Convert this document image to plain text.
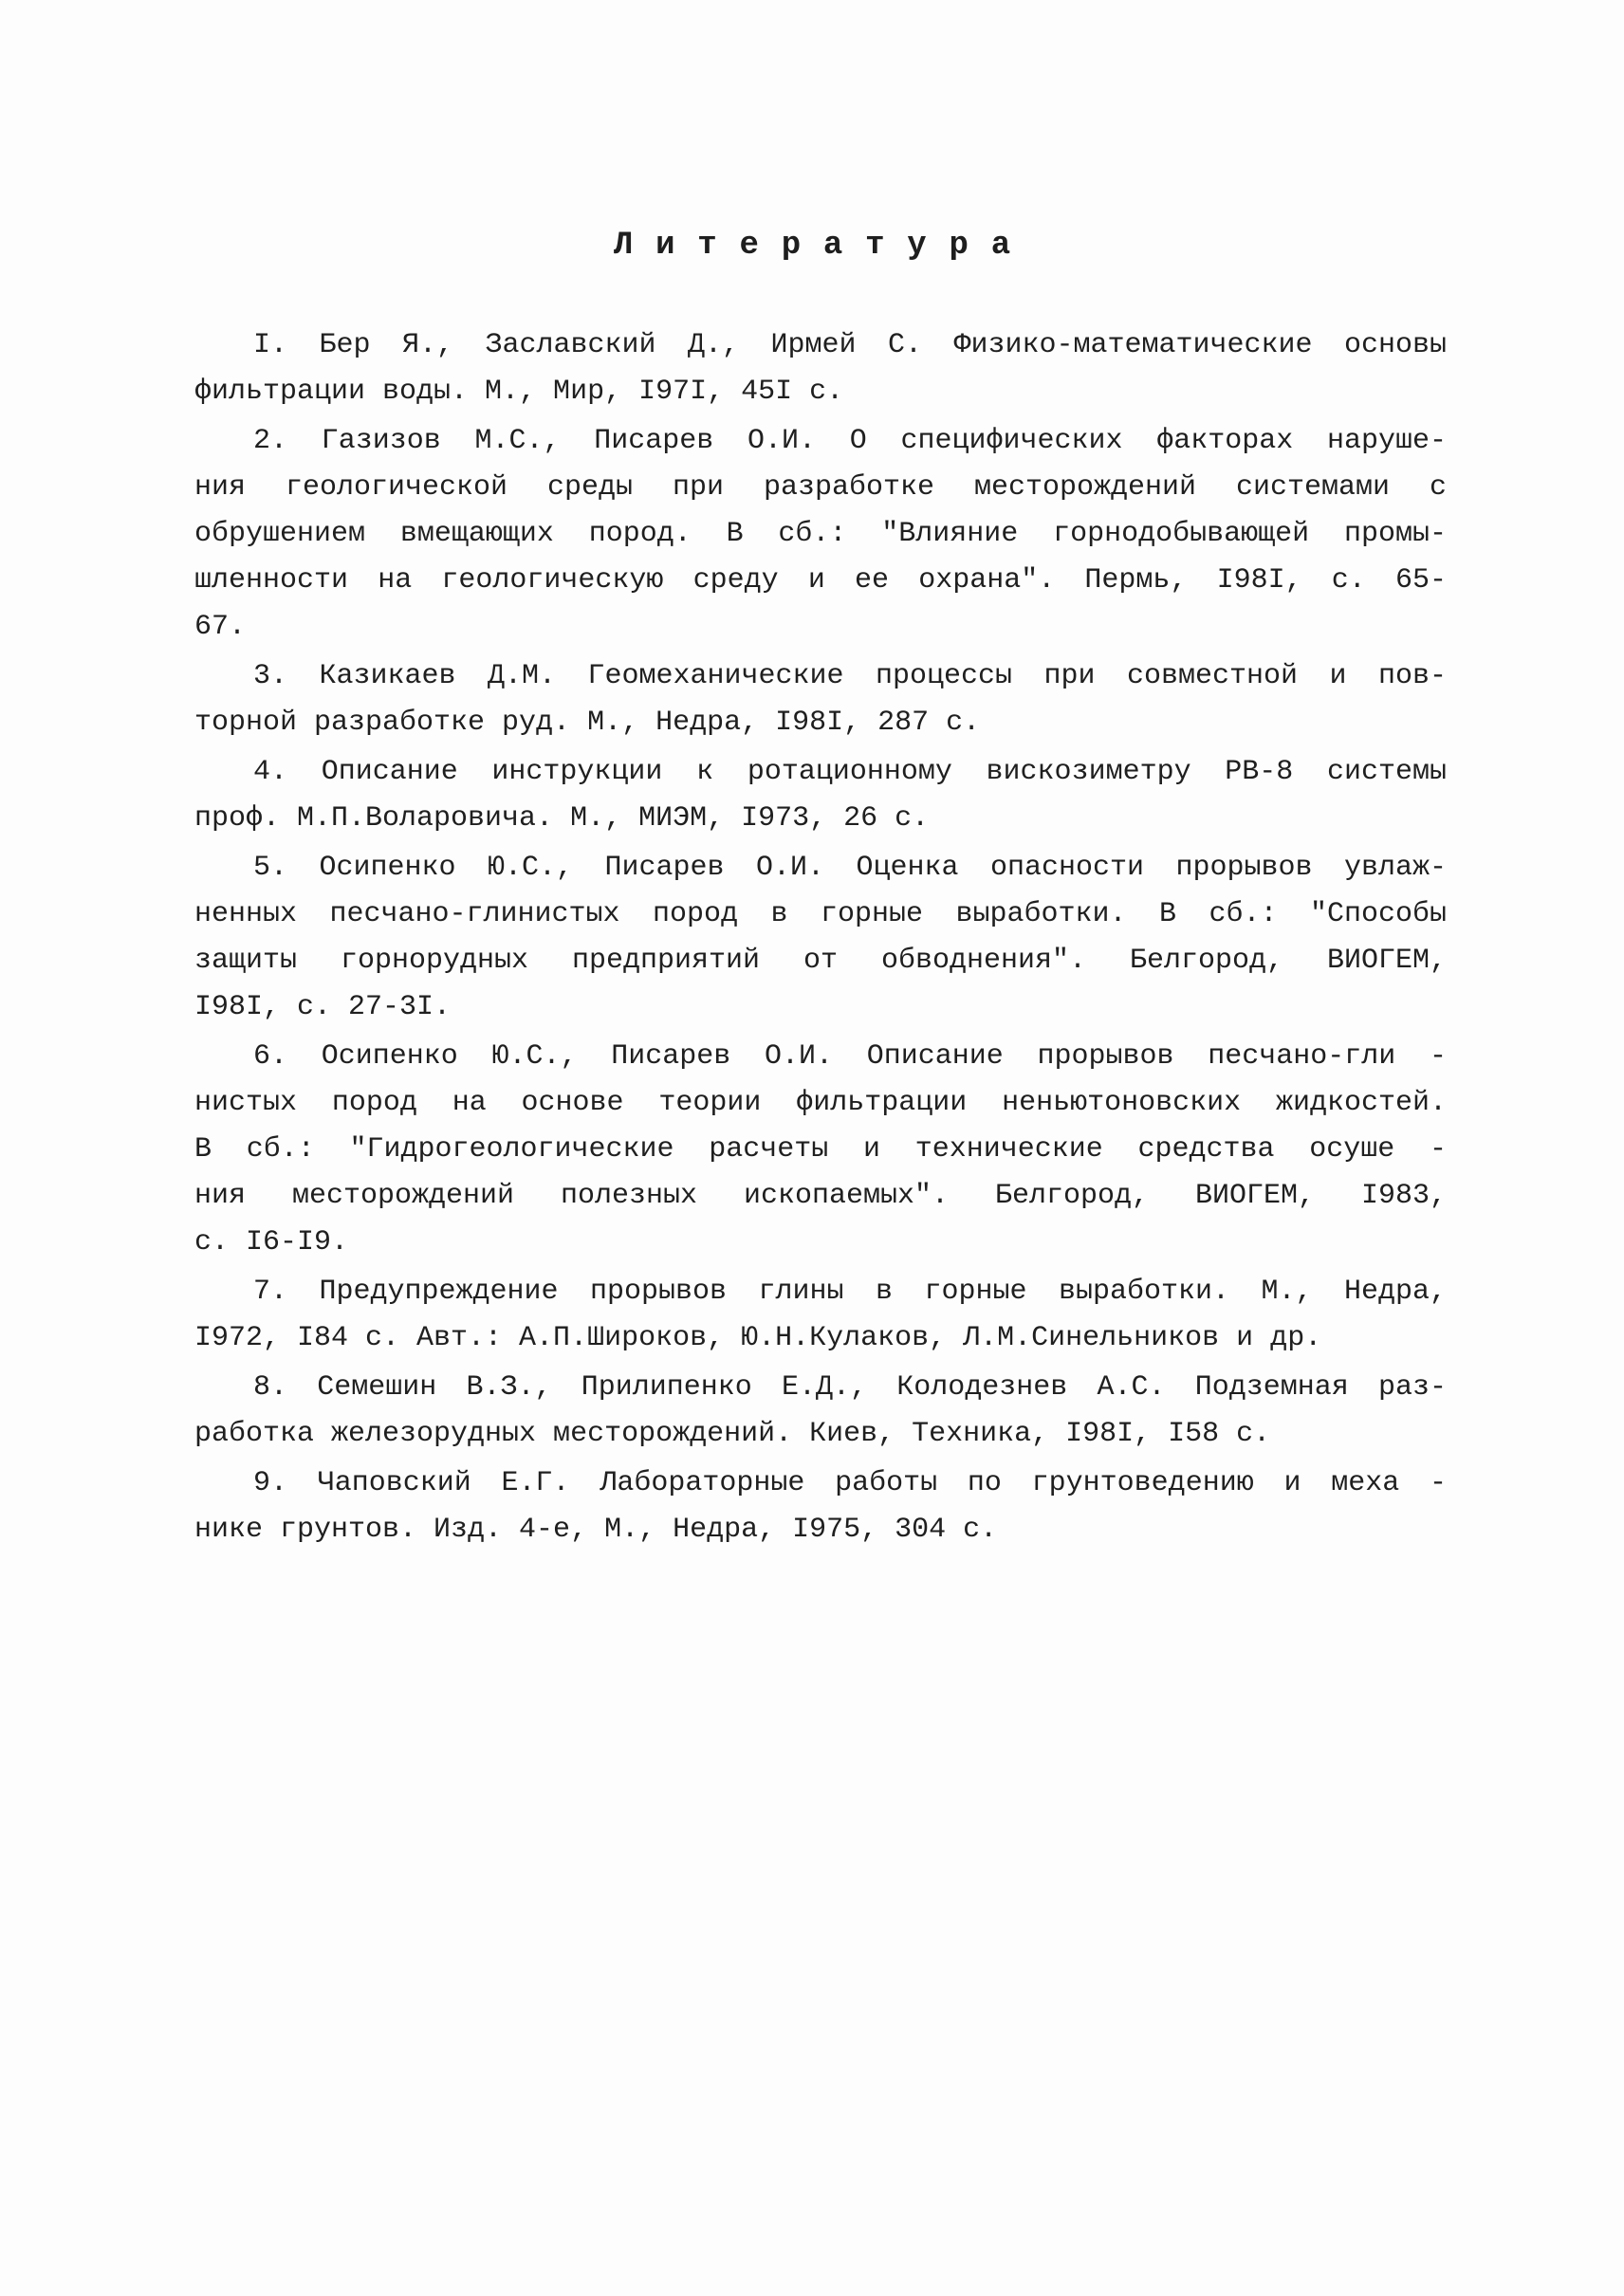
Литература
I. Бер Я., Заславский Д., Ирмей С. Физико-математические основы
фильтрации воды. М., Мир, I97I, 45I с.
2. Газизов М.С., Писарев О.И. О специфических факторах наруше-
ния геологической среды при разработке месторождений системами с
обрушением вмещающих пород. В сб.: "Влияние горнодобывающей промы-
шленности на геологическую среду и ее охрана". Пермь, I98I, с. 65-
67.
3. Казикаев Д.М. Геомеханические процессы при совместной и пов-
торной разработке руд. М., Недра, I98I, 287 с.
4. Описание инструкции к ротационному вискозиметру РВ-8 системы
проф. М.П.Воларовича. М., МИЭМ, I973, 26 с.
5. Осипенко Ю.С., Писарев О.И. Оценка опасности прорывов увлаж-
ненных песчано-глинистых пород в горные выработки. В сб.: "Способы
защиты горнорудных предприятий от обводнения". Белгород, ВИОГЕМ,
I98I, с. 27-3I.
6. Осипенко Ю.С., Писарев О.И. Описание прорывов песчано-гли -
нистых пород на основе теории фильтрации неньютоновских жидкостей.
В сб.: "Гидрогеологические расчеты и технические средства осуше -
ния месторождений полезных ископаемых". Белгород, ВИОГЕМ, I983,
с. I6-I9.
7. Предупреждение прорывов глины в горные выработки. М., Недра,
I972, I84 с. Авт.: А.П.Широков, Ю.Н.Кулаков, Л.М.Синельников и др.
8. Семешин В.З., Прилипенко Е.Д., Колодезнев А.С. Подземная раз-
работка железорудных месторождений. Киев, Техника, I98I, I58 с.
9. Чаповский Е.Г. Лабораторные работы по грунтоведению и меха -
нике грунтов. Изд. 4-е, М., Недра, I975, 304 с.
